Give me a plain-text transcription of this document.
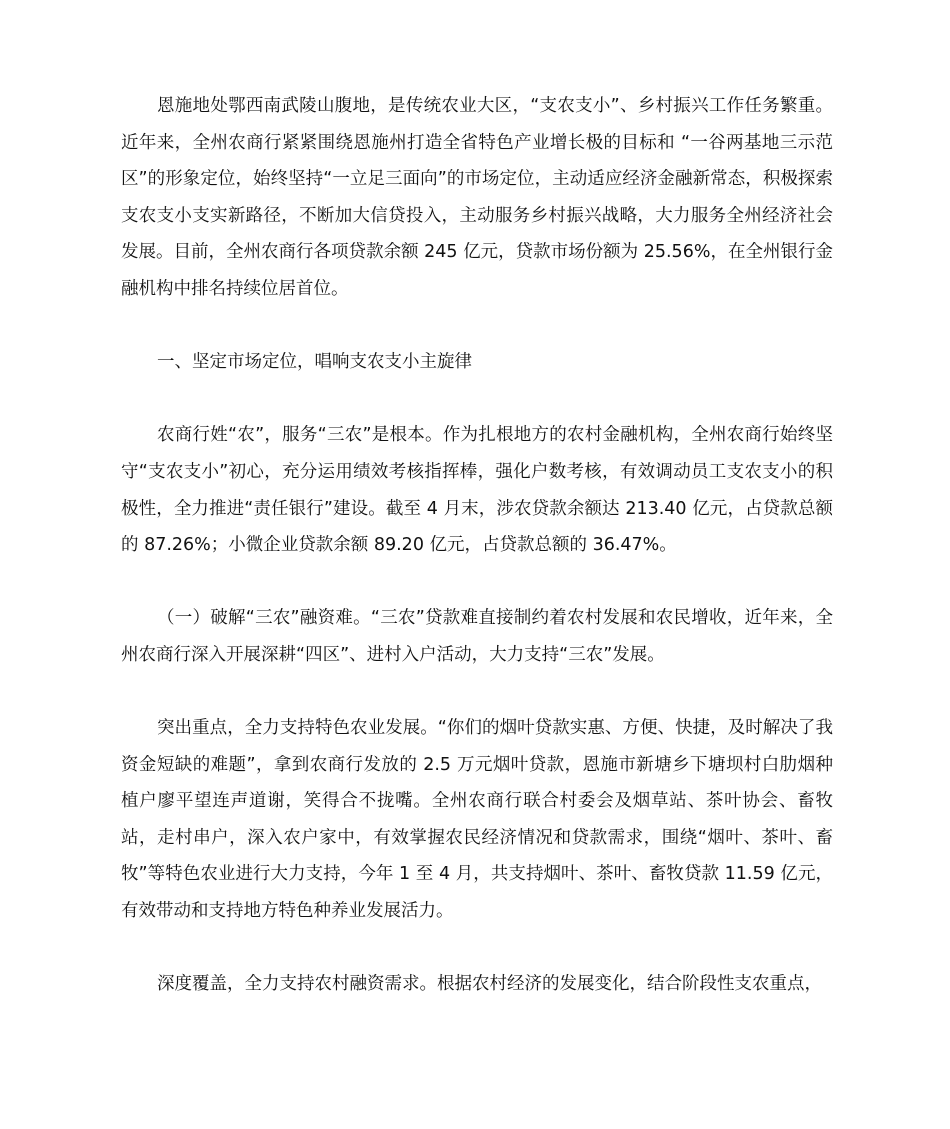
恩施地处鄂西南武陵山腹地，是传统农业大区，“支农支小”、乡村振兴工作任务繁重。近年来，全州农商行紧紧围绕恩施州打造全省特色产业增长极的目标和 “一谷两基地三示范区”的形象定位，始终坚持“一立足三面向”的市场定位，主动适应经济金融新常态，积极探索支农支小支实新路径，不断加大信贷投入，主动服务乡村振兴战略，大力服务全州经济社会发展。目前，全州农商行各项贷款余额 245 亿元，贷款市场份额为 25.56%，在全州银行金融机构中排名持续位居首位。

一、坚定市场定位，唱响支农支小主旋律

农商行姓“农”，服务“三农”是根本。作为扎根地方的农村金融机构，全州农商行始终坚守“支农支小”初心，充分运用绩效考核指挥棒，强化户数考核，有效调动员工支农支小的积极性，全力推进“责任银行”建设。截至 4 月末，涉农贷款余额达 213.40 亿元，占贷款总额的 87.26%；小微企业贷款余额 89.20 亿元，占贷款总额的 36.47%。

（一）破解“三农”融资难。“三农”贷款难直接制约着农村发展和农民增收，近年来，全州农商行深入开展深耕“四区”、进村入户活动，大力支持“三农”发展。

突出重点，全力支持特色农业发展。“你们的烟叶贷款实惠、方便、快捷，及时解决了我资金短缺的难题”，拿到农商行发放的 2.5 万元烟叶贷款，恩施市新塘乡下塘坝村白肋烟种植户廖平望连声道谢，笑得合不拢嘴。全州农商行联合村委会及烟草站、茶叶协会、畜牧站，走村串户，深入农户家中，有效掌握农民经济情况和贷款需求，围绕“烟叶、茶叶、畜牧”等特色农业进行大力支持，今年 1 至 4 月，共支持烟叶、茶叶、畜牧贷款 11.59 亿元，有效带动和支持地方特色种养业发展活力。

深度覆盖，全力支持农村融资需求。根据农村经济的发展变化，结合阶段性支农重点，
